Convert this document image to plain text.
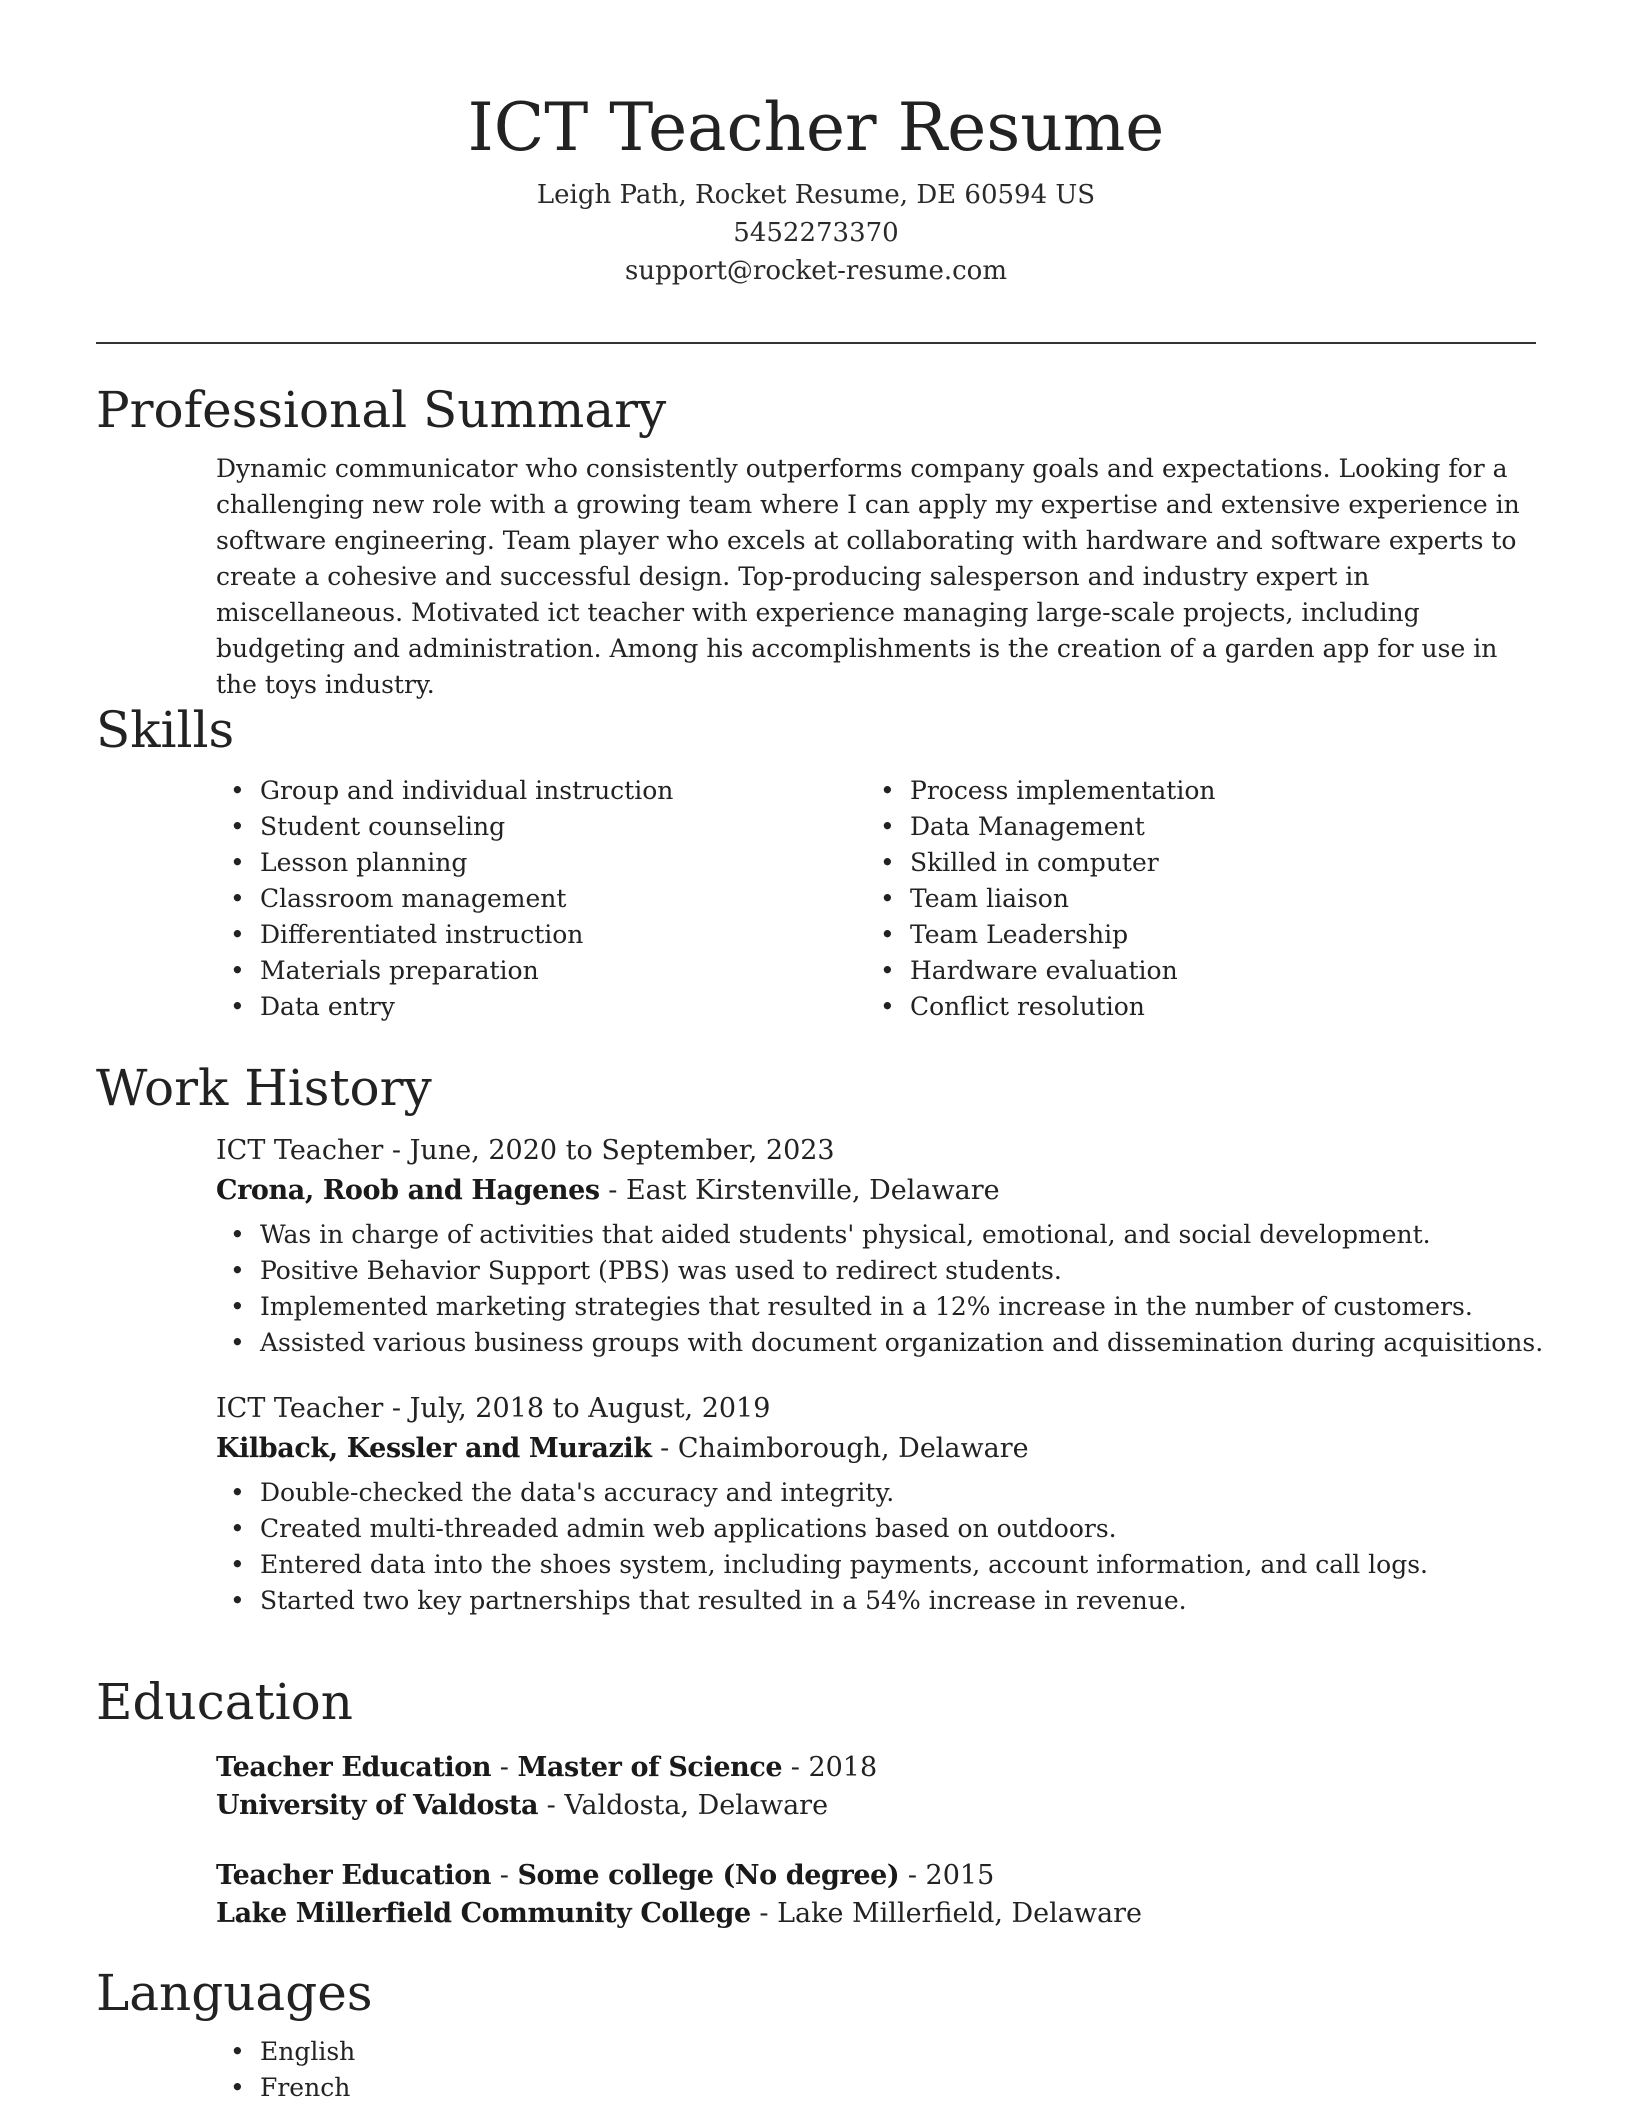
ICT Teacher Resume
Leigh Path, Rocket Resume, DE 60594 US
5452273370
support@rocket-resume.com
Professional Summary
Dynamic communicator who consistently outperforms company goals and expectations. Looking for a challenging new role with a growing team where I can apply my expertise and extensive experience in software engineering. Team player who excels at collaborating with hardware and software experts to create a cohesive and successful design. Top-producing salesperson and industry expert in miscellaneous. Motivated ict teacher with experience managing large-scale projects, including budgeting and administration. Among his accomplishments is the creation of a garden app for use in the toys industry.
Skills
• Group and individual instruction
• Student counseling
• Lesson planning
• Classroom management
• Differentiated instruction
• Materials preparation
• Data entry
• Process implementation
• Data Management
• Skilled in computer
• Team liaison
• Team Leadership
• Hardware evaluation
• Conflict resolution
Work History
ICT Teacher - June, 2020 to September, 2023
Crona, Roob and Hagenes - East Kirstenville, Delaware
• Was in charge of activities that aided students' physical, emotional, and social development.
• Positive Behavior Support (PBS) was used to redirect students.
• Implemented marketing strategies that resulted in a 12% increase in the number of customers.
• Assisted various business groups with document organization and dissemination during acquisitions.
ICT Teacher - July, 2018 to August, 2019
Kilback, Kessler and Murazik - Chaimborough, Delaware
• Double-checked the data's accuracy and integrity.
• Created multi-threaded admin web applications based on outdoors.
• Entered data into the shoes system, including payments, account information, and call logs.
• Started two key partnerships that resulted in a 54% increase in revenue.
Education
Teacher Education - Master of Science - 2018
University of Valdosta - Valdosta, Delaware
Teacher Education - Some college (No degree) - 2015
Lake Millerfield Community College - Lake Millerfield, Delaware
Languages
• English
• French
